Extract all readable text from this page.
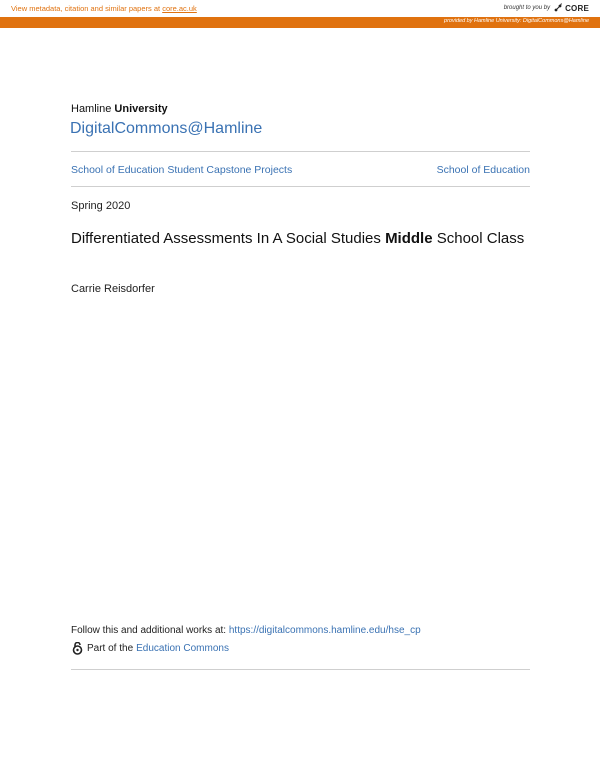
View metadata, citation and similar papers at core.ac.uk	brought to you by CORE
provided by Hamline University: DigitalCommons@Hamline
Hamline University
DigitalCommons@Hamline
School of Education Student Capstone Projects	School of Education
Spring 2020
Differentiated Assessments In A Social Studies Middle School Class
Carrie Reisdorfer
Follow this and additional works at: https://digitalcommons.hamline.edu/hse_cp
Part of the Education Commons
